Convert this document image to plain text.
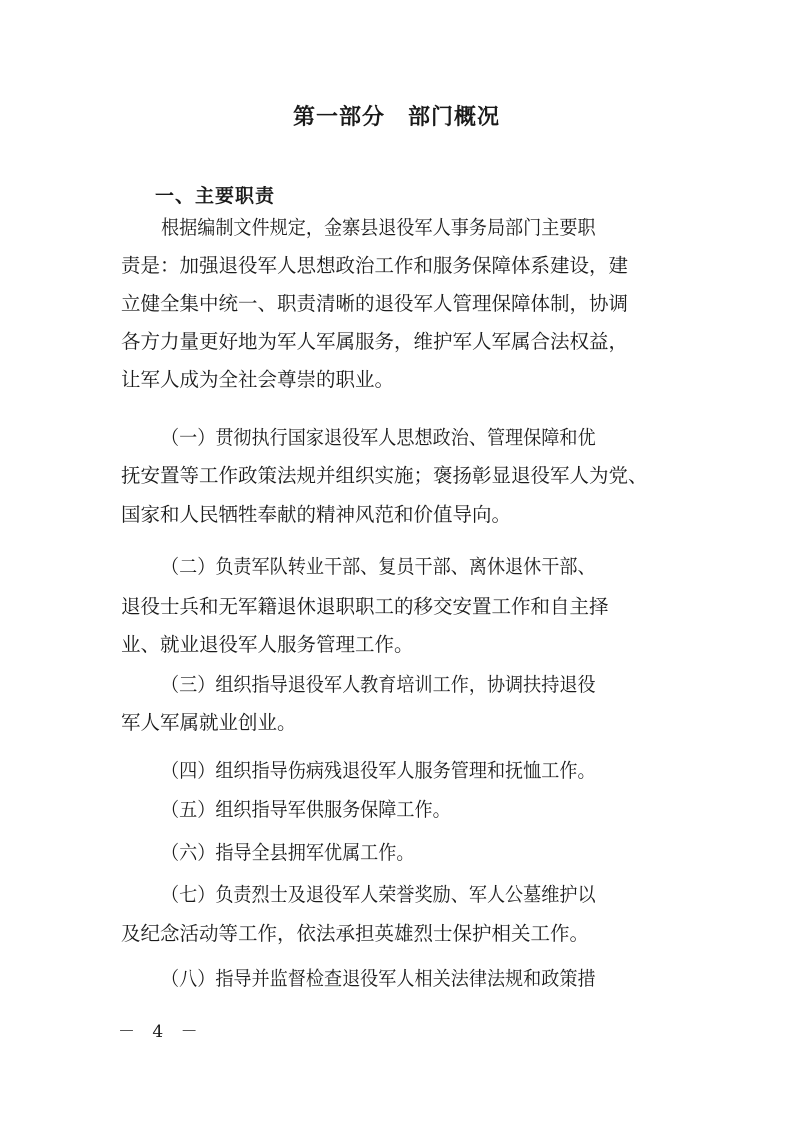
第一部分　部门概况
一、主要职责
根据编制文件规定，金寨县退役军人事务局部门主要职
责是：加强退役军人思想政治工作和服务保障体系建设，建
立健全集中统一、职责清晰的退役军人管理保障体制，协调
各方力量更好地为军人军属服务，维护军人军属合法权益，
让军人成为全社会尊崇的职业。
（一）贯彻执行国家退役军人思想政治、管理保障和优
抚安置等工作政策法规并组织实施；褒扬彰显退役军人为党、
国家和人民牺牲奉献的精神风范和价值导向。
（二）负责军队转业干部、复员干部、离休退休干部、
退役士兵和无军籍退休退职职工的移交安置工作和自主择
业、就业退役军人服务管理工作。
（三）组织指导退役军人教育培训工作，协调扶持退役
军人军属就业创业。
（四）组织指导伤病残退役军人服务管理和抚恤工作。
（五）组织指导军供服务保障工作。
（六）指导全县拥军优属工作。
（七）负责烈士及退役军人荣誉奖励、军人公墓维护以
及纪念活动等工作，依法承担英雄烈士保护相关工作。
（八）指导并监督检查退役军人相关法律法规和政策措
－ 4 －
